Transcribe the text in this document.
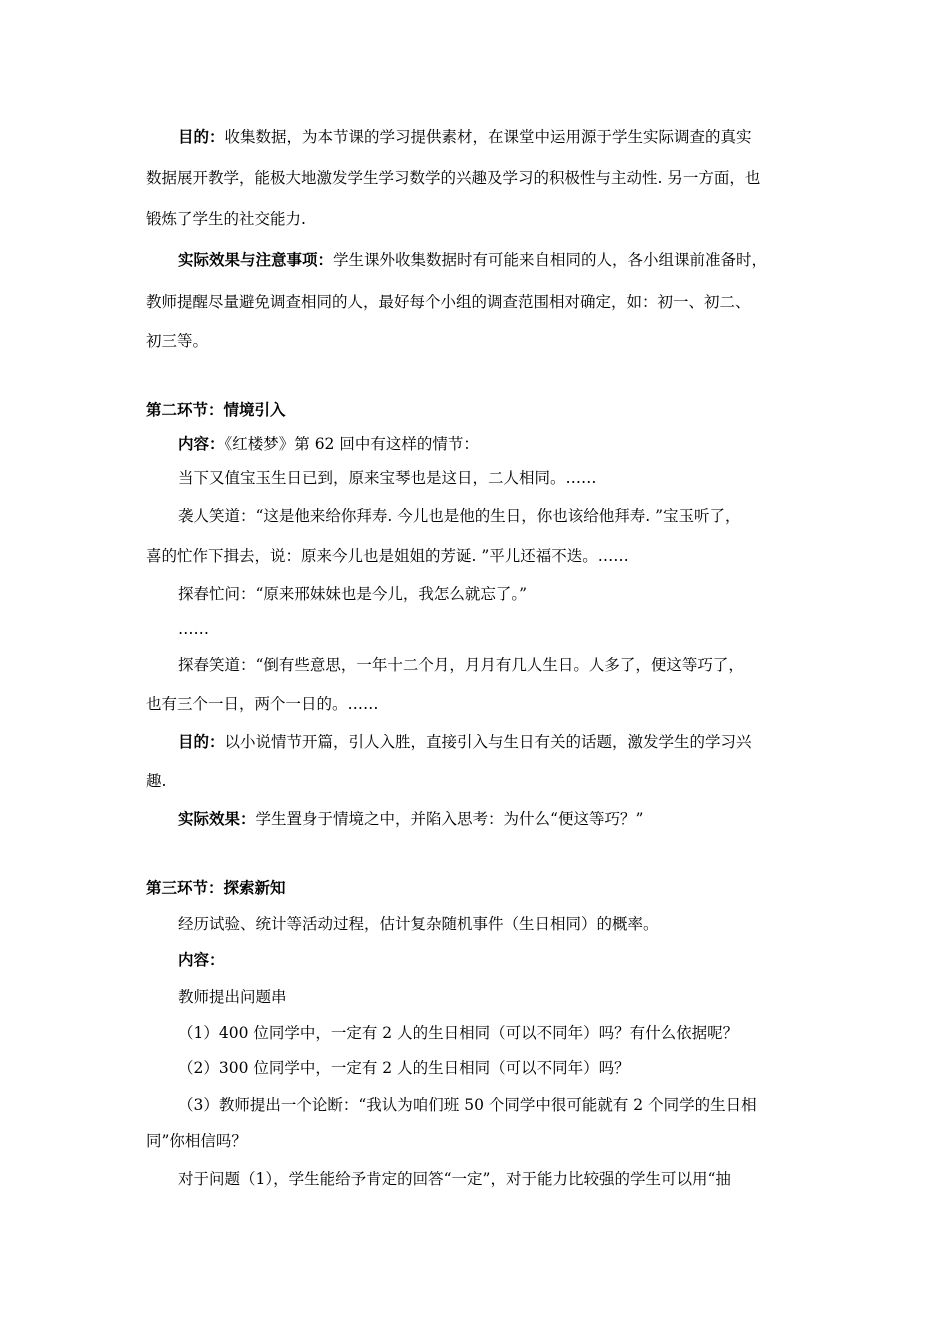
目的：收集数据，为本节课的学习提供素材，在课堂中运用源于学生实际调查的真实
数据展开教学，能极大地激发学生学习数学的兴趣及学习的积极性与主动性. 另一方面，也
锻炼了学生的社交能力.
实际效果与注意事项：学生课外收集数据时有可能来自相同的人，各小组课前准备时，
教师提醒尽量避免调查相同的人，最好每个小组的调查范围相对确定，如：初一、初二、
初三等。
第二环节：情境引入
内容：《红楼梦》第 62 回中有这样的情节：
当下又值宝玉生日已到，原来宝琴也是这日，二人相同。……
袭人笑道：“这是他来给你拜寿. 今儿也是他的生日，你也该给他拜寿. ”宝玉听了，
喜的忙作下揖去，说：原来今儿也是姐姐的芳诞. ”平儿还福不迭。……
探春忙问：“原来邢妹妹也是今儿，我怎么就忘了。”
……
探春笑道：“倒有些意思，一年十二个月，月月有几人生日。人多了，便这等巧了，
也有三个一日，两个一日的。……
目的：以小说情节开篇，引人入胜，直接引入与生日有关的话题，激发学生的学习兴
趣.
实际效果：学生置身于情境之中，并陷入思考：为什么“便这等巧？”
第三环节：探索新知
经历试验、统计等活动过程，估计复杂随机事件（生日相同）的概率。
内容：
教师提出问题串
（1）400 位同学中，一定有 2 人的生日相同（可以不同年）吗？有什么依据呢？
（2）300 位同学中，一定有 2 人的生日相同（可以不同年）吗？
（3）教师提出一个论断：“我认为咱们班 50 个同学中很可能就有 2 个同学的生日相
同”你相信吗？
对于问题（1），学生能给予肯定的回答“一定”，对于能力比较强的学生可以用“抽
